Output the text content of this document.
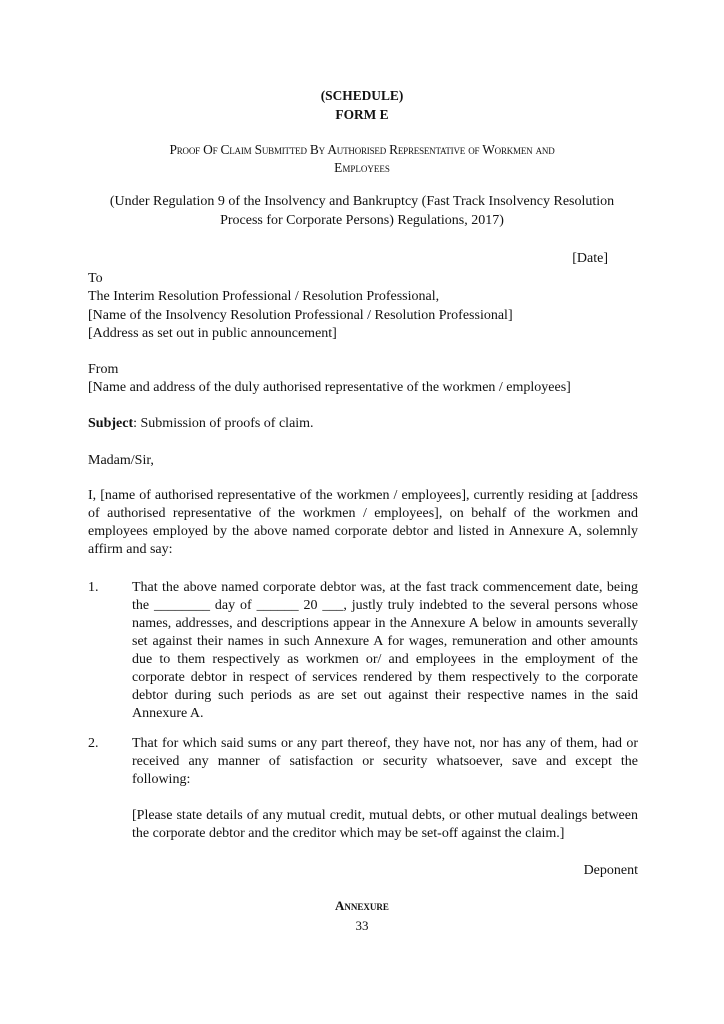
(SCHEDULE)
FORM E
Proof Of Claim Submitted By Authorised Representative of Workmen and
Employees
(Under Regulation 9 of the Insolvency and Bankruptcy (Fast Track Insolvency Resolution
Process for Corporate Persons) Regulations, 2017)
[Date]
To
The Interim Resolution Professional / Resolution Professional,
[Name of the Insolvency Resolution Professional / Resolution Professional]
[Address as set out in public announcement]
From
[Name and address of the duly authorised representative of the workmen / employees]
Subject: Submission of proofs of claim.
Madam/Sir,
I, [name of authorised representative of the workmen / employees], currently residing at [address of authorised representative of the workmen / employees], on behalf of the workmen and employees employed by the above named corporate debtor and listed in Annexure A, solemnly affirm and say:
1. That the above named corporate debtor was, at the fast track commencement date, being the ________ day of ______ 20 ___, justly truly indebted to the several persons whose names, addresses, and descriptions appear in the Annexure A below in amounts severally set against their names in such Annexure A for wages, remuneration and other amounts due to them respectively as workmen or/ and employees in the employment of the corporate debtor in respect of services rendered by them respectively to the corporate debtor during such periods as are set out against their respective names in the said Annexure A.
2. That for which said sums or any part thereof, they have not, nor has any of them, had or received any manner of satisfaction or security whatsoever, save and except the following:
[Please state details of any mutual credit, mutual debts, or other mutual dealings between the corporate debtor and the creditor which may be set-off against the claim.]
Deponent
Annexure
33
